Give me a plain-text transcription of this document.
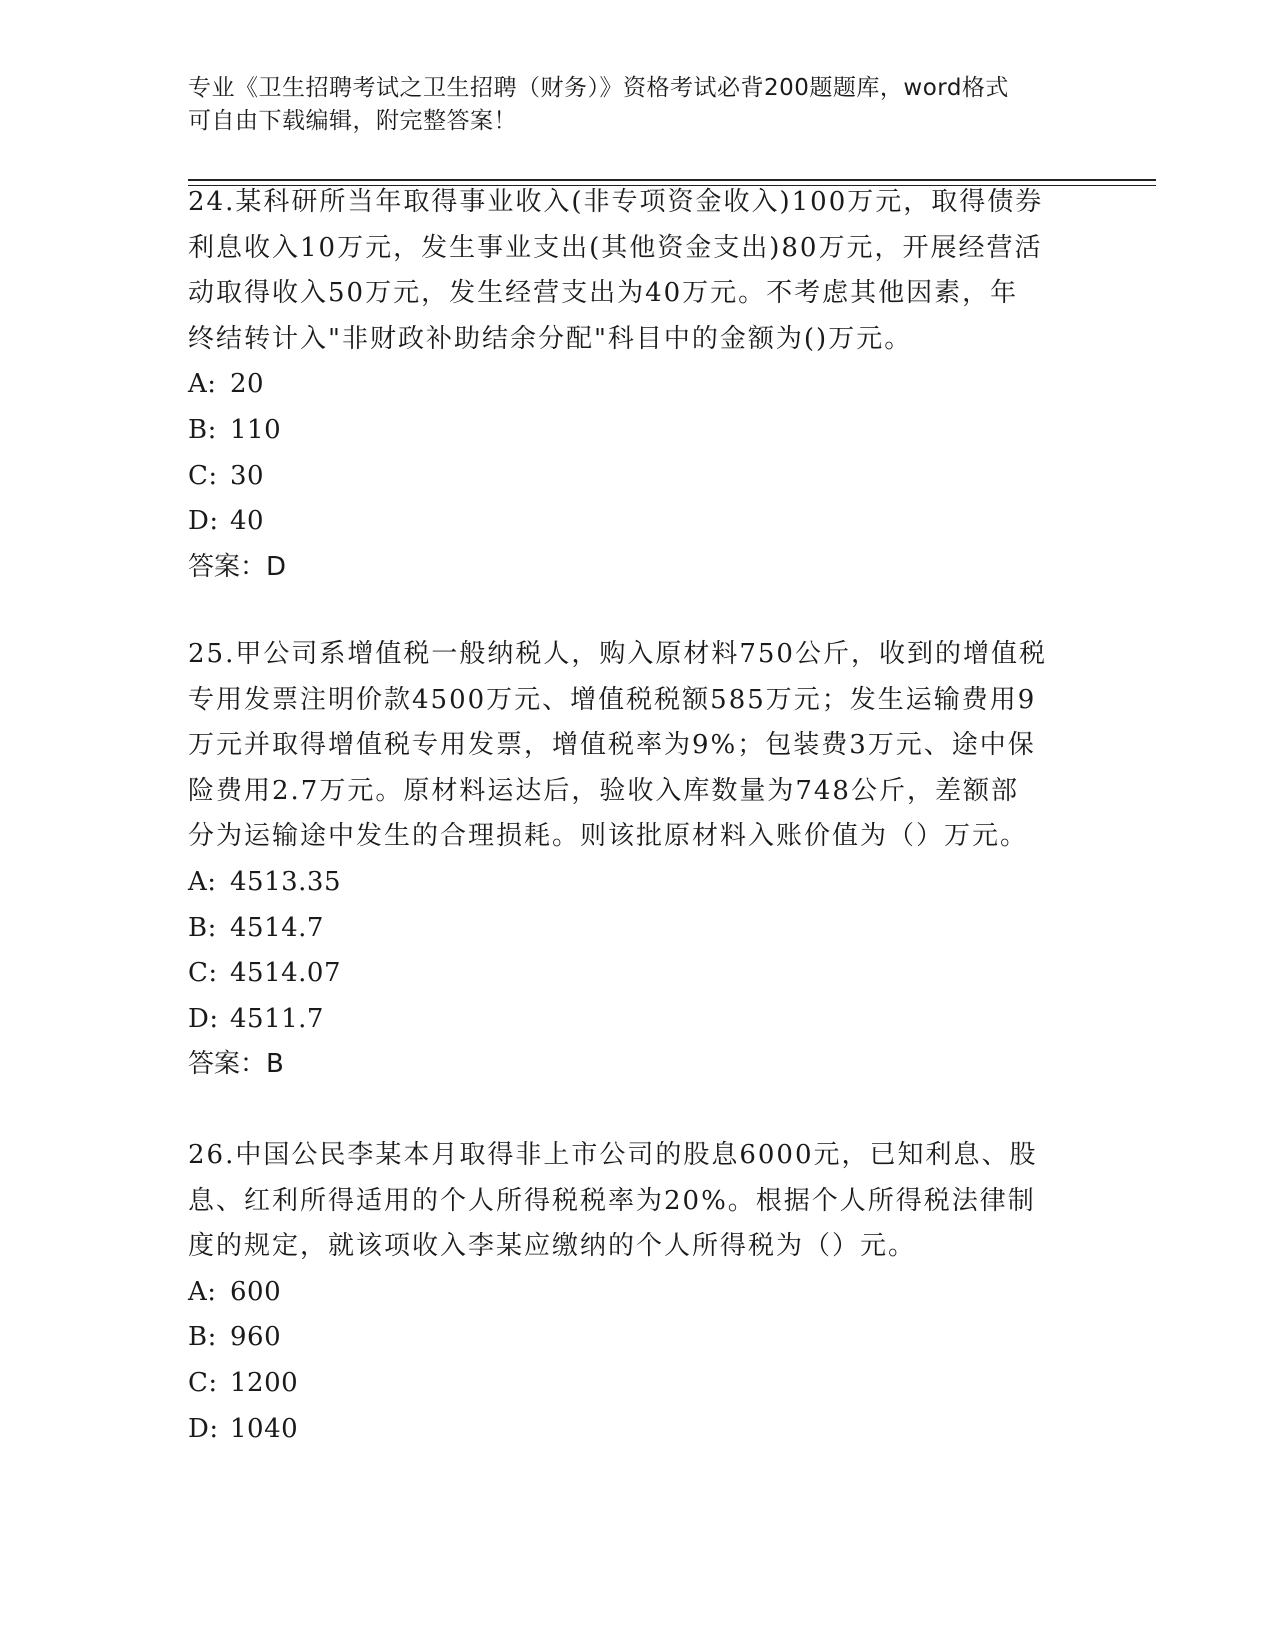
专业《卫生招聘考试之卫生招聘（财务）》资格考试必背200题题库，word格式
可自由下载编辑，附完整答案！

24.某科研所当年取得事业收入(非专项资金收入)100万元，取得债券

利息收入10万元，发生事业支出(其他资金支出)80万元，开展经营活

动取得收入50万元，发生经营支出为40万元。不考虑其他因素，年

终结转计入"非财政补助结余分配"科目中的金额为()万元。

A: 20

B: 110

C: 30

D: 40

答案：D

25.甲公司系增值税一般纳税人，购入原材料750公斤，收到的增值税

专用发票注明价款4500万元、增值税税额585万元；发生运输费用9

万元并取得增值税专用发票，增值税率为9%；包装费3万元、途中保

险费用2.7万元。原材料运达后，验收入库数量为748公斤，差额部

分为运输途中发生的合理损耗。则该批原材料入账价值为（）万元。

A: 4513.35

B: 4514.7

C: 4514.07

D: 4511.7

答案：B

26.中国公民李某本月取得非上市公司的股息6000元，已知利息、股

息、红利所得适用的个人所得税税率为20%。根据个人所得税法律制

度的规定，就该项收入李某应缴纳的个人所得税为（）元。

A: 600

B: 960

C: 1200

D: 1040
